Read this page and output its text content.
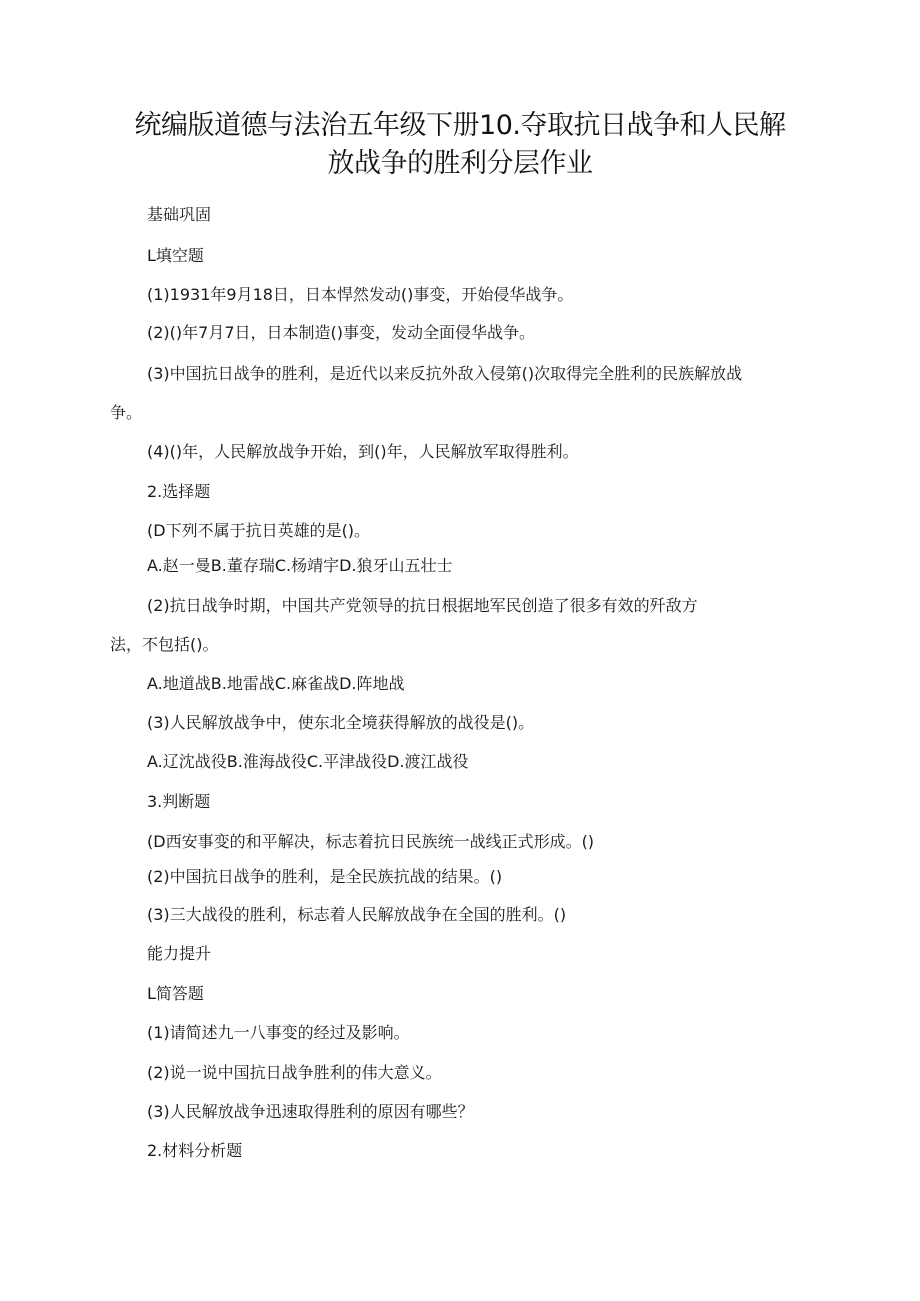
统编版道德与法治五年级下册10.夺取抗日战争和人民解
放战争的胜利分层作业
基础巩固
L填空题
(1)1931年9月18日，日本悍然发动()事变，开始侵华战争。
(2)()年7月7日，日本制造()事变，发动全面侵华战争。
(3)中国抗日战争的胜利，是近代以来反抗外敌入侵第()次取得完全胜利的民族解放战
争。
(4)()年，人民解放战争开始，到()年，人民解放军取得胜利。
2.选择题
(D下列不属于抗日英雄的是()。
A.赵一曼B.董存瑞C.杨靖宇D.狼牙山五壮士
(2)抗日战争时期，中国共产党领导的抗日根据地军民创造了很多有效的歼敌方
法，不包括()。
A.地道战B.地雷战C.麻雀战D.阵地战
(3)人民解放战争中，使东北全境获得解放的战役是()。
A.辽沈战役B.淮海战役C.平津战役D.渡江战役
3.判断题
(D西安事变的和平解决，标志着抗日民族统一战线正式形成。()
(2)中国抗日战争的胜利，是全民族抗战的结果。()
(3)三大战役的胜利，标志着人民解放战争在全国的胜利。()
能力提升
L简答题
(1)请简述九一八事变的经过及影响。
(2)说一说中国抗日战争胜利的伟大意义。
(3)人民解放战争迅速取得胜利的原因有哪些？
2.材料分析题
